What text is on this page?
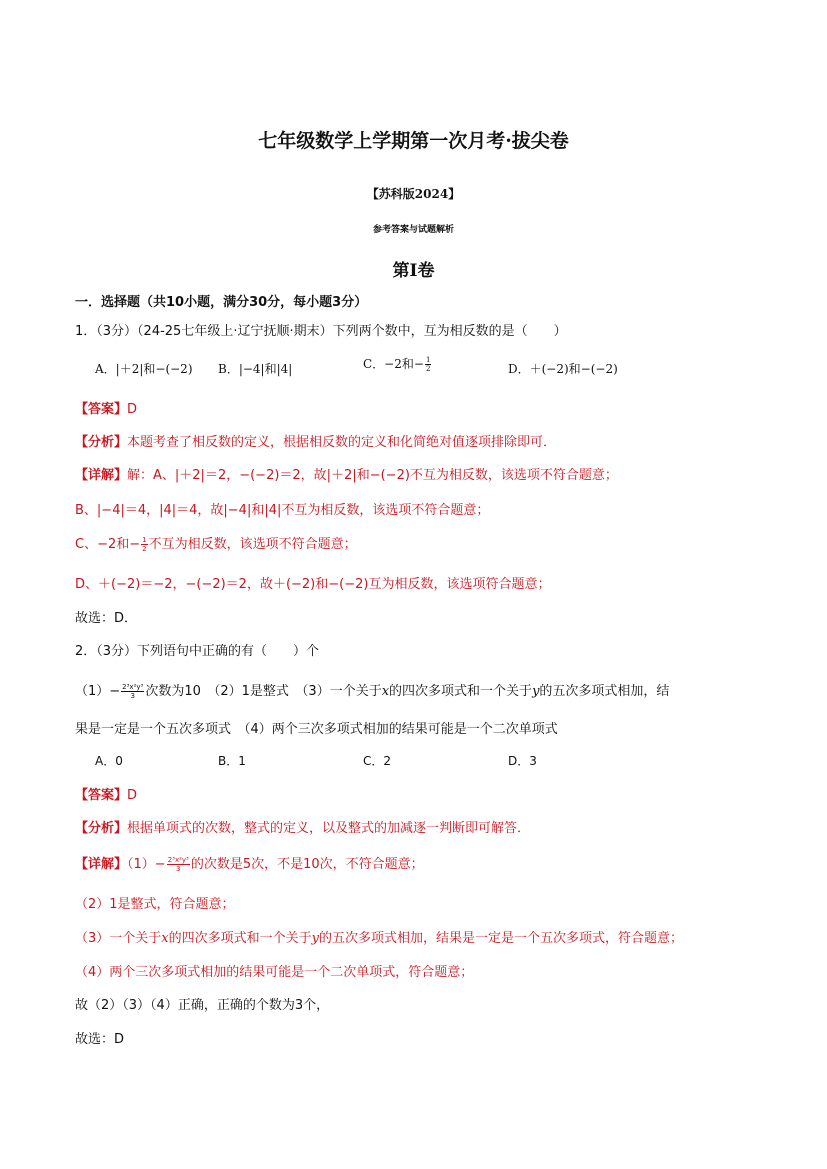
七年级数学上学期第一次月考·拔尖卷
【苏科版2024】
参考答案与试题解析
第I卷
一．选择题（共10小题，满分30分，每小题3分）
1．（3分）（24-25七年级上·辽宁抚顺·期末）下列两个数中，互为相反数的是（　　）
A．|＋2|和−(−2) B．|−4|和|4|	C．−2和− $\frac{1}{2}$	D．＋(−2)和−(−2)
【答案】D
【分析】本题考查了相反数的定义，根据相反数的定义和化简绝对值逐项排除即可．
【详解】解：A、|＋2|＝2，−(−2)＝2，故|＋2|和−(−2)不互为相反数，该选项不符合题意；
B、|−4|＝4，|4|＝4，故|−4|和|4|不互为相反数，该选项不符合题意；
C、−2和− $\frac{1}{2}$ 不互为相反数，该选项不符合题意；
D、＋(−2)＝−2，−(−2)＝2，故＋(−2)和−(−2)互为相反数，该选项符合题意；
故选：D．
2．（3分）下列语句中正确的有（　　）个
$(1)- \frac{\text{2³x²y³}}{3}$ 次数为10　（2）1是整式　（3）一个关于x的四次多项式和一个关于y的五次多项式相加，结
果是一定是一个五次多项式　（4）两个三次多项式相加的结果可能是一个二次单项式
A．0	B．1	C．2	D．3
【答案】D
【分析】根据单项式的次数，整式的定义，以及整式的加减逐一判断即可解答．
【详解】$(1)- \frac{\text{2³x²y³}}{3}$ 的次数是5次，不是10次，不符合题意；
（2）1是整式，符合题意；
（3）一个关于x的四次多项式和一个关于y的五次多项式相加，结果是一定是一个五次多项式，符合题意；
（4）两个三次多项式相加的结果可能是一个二次单项式，符合题意；
故（2）（3）（4）正确，正确的个数为3个，
故选：D
